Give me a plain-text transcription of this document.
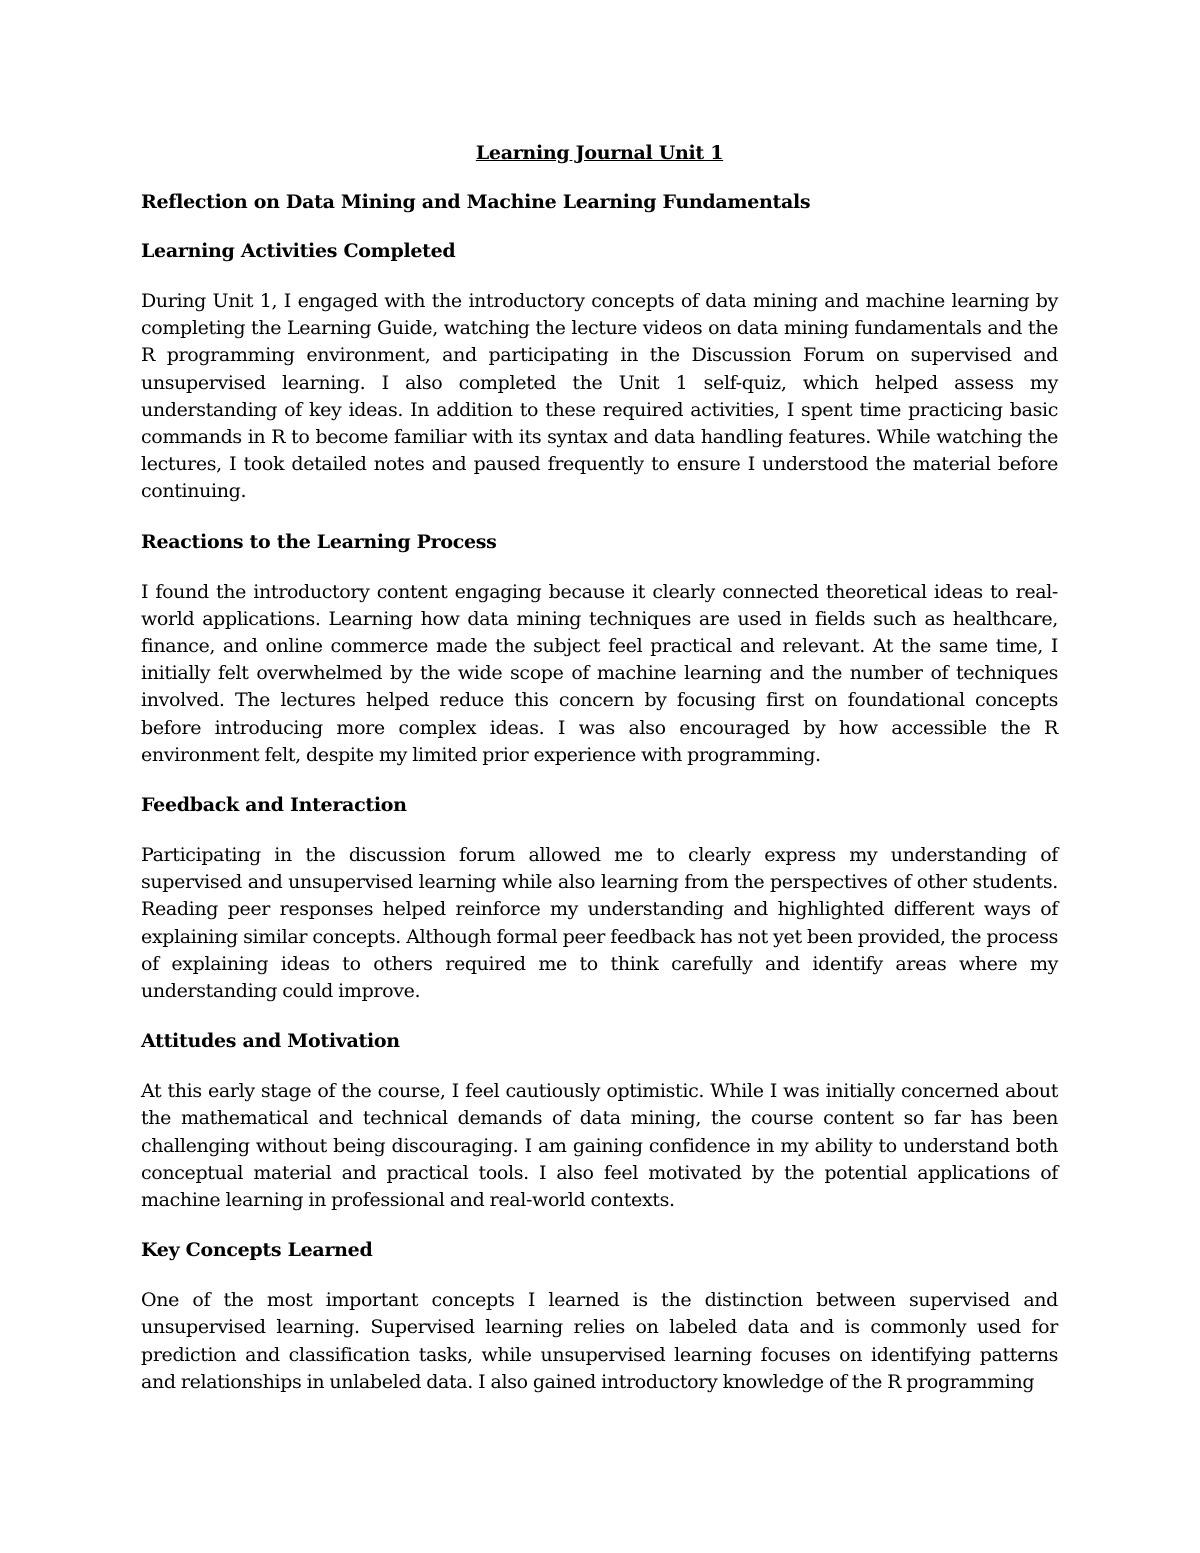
Learning Journal Unit 1

Reflection on Data Mining and Machine Learning Fundamentals

Learning Activities Completed

During Unit 1, I engaged with the introductory concepts of data mining and machine learning by completing the Learning Guide, watching the lecture videos on data mining fundamentals and the R programming environment, and participating in the Discussion Forum on supervised and unsupervised learning. I also completed the Unit 1 self-quiz, which helped assess my understanding of key ideas. In addition to these required activities, I spent time practicing basic commands in R to become familiar with its syntax and data handling features. While watching the lectures, I took detailed notes and paused frequently to ensure I understood the material before continuing.

Reactions to the Learning Process

I found the introductory content engaging because it clearly connected theoretical ideas to real-world applications. Learning how data mining techniques are used in fields such as healthcare, finance, and online commerce made the subject feel practical and relevant. At the same time, I initially felt overwhelmed by the wide scope of machine learning and the number of techniques involved. The lectures helped reduce this concern by focusing first on foundational concepts before introducing more complex ideas. I was also encouraged by how accessible the R environment felt, despite my limited prior experience with programming.

Feedback and Interaction

Participating in the discussion forum allowed me to clearly express my understanding of supervised and unsupervised learning while also learning from the perspectives of other students. Reading peer responses helped reinforce my understanding and highlighted different ways of explaining similar concepts. Although formal peer feedback has not yet been provided, the process of explaining ideas to others required me to think carefully and identify areas where my understanding could improve.

Attitudes and Motivation

At this early stage of the course, I feel cautiously optimistic. While I was initially concerned about the mathematical and technical demands of data mining, the course content so far has been challenging without being discouraging. I am gaining confidence in my ability to understand both conceptual material and practical tools. I also feel motivated by the potential applications of machine learning in professional and real-world contexts.

Key Concepts Learned

One of the most important concepts I learned is the distinction between supervised and unsupervised learning. Supervised learning relies on labeled data and is commonly used for prediction and classification tasks, while unsupervised learning focuses on identifying patterns and relationships in unlabeled data. I also gained introductory knowledge of the R programming
